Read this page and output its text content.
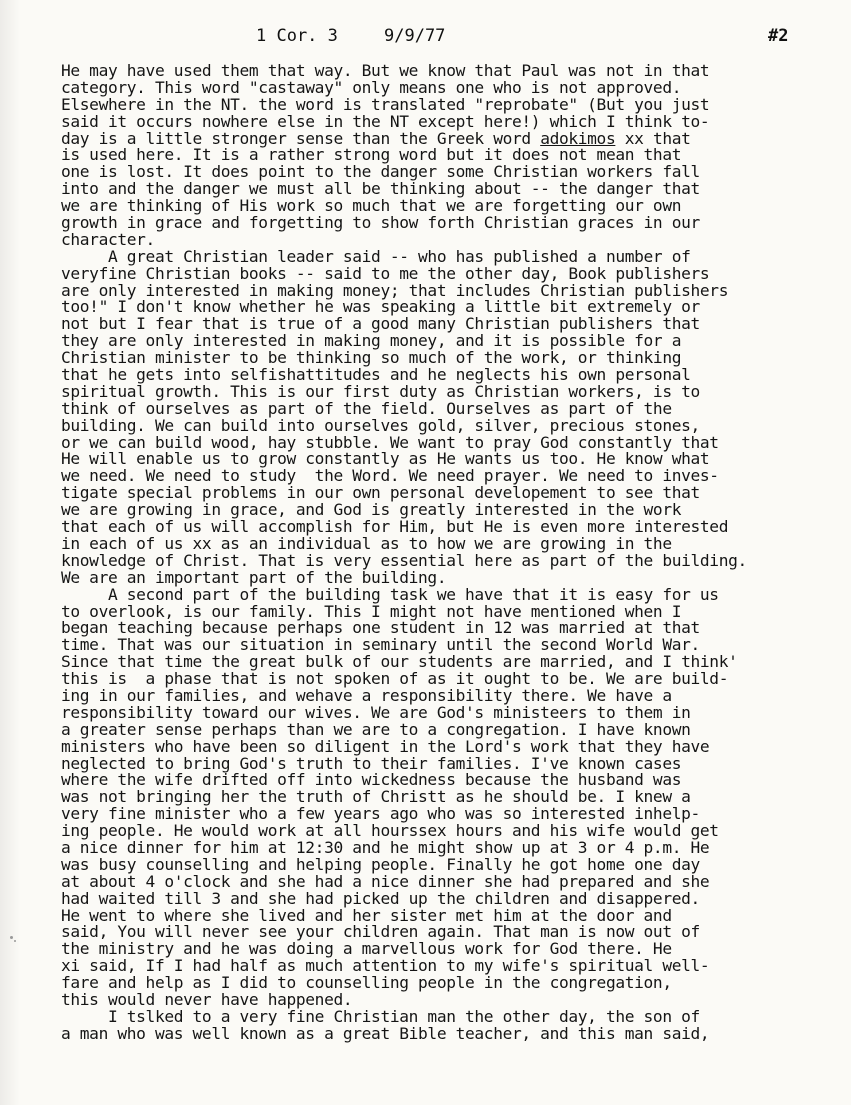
1 Cor. 3	9/9/77	#2
He may have used them that way. But we know that Paul was not in that
category. This word "castaway" only means one who is not approved.
Elsewhere in the NT. the word is translated "reprobate" (But you just
said it occurs nowhere else in the NT except here!) which I think to-
day is a little stronger sense than the Greek word adokimos xx that
is used here. It is a rather strong word but it does not mean that
one is lost. It does point to the danger some Christian workers fall
into and the danger we must all be thinking about -- the danger that
we are thinking of His work so much that we are forgetting our own
growth in grace and forgetting to show forth Christian graces in our
character.
A great Christian leader said -- who has published a number of
veryfine Christian books -- said to me the other day, Book publishers
are only interested in making money; that includes Christian publishers
too!" I don't know whether he was speaking a little bit extremely or
not but I fear that is true of a good many Christian publishers that
they are only interested in making money, and it is possible for a
Christian minister to be thinking so much of the work, or thinking
that he gets into selfishattitudes and he neglects his own personal
spiritual growth. This is our first duty as Christian workers, is to
think of ourselves as part of the field. Ourselves as part of the
building. We can build into ourselves gold, silver, precious stones,
or we can build wood, hay stubble. We want to pray God constantly that
He will enable us to grow constantly as He wants us too. He know what
we need. We need to study  the Word. We need prayer. We need to inves-
tigate special problems in our own personal developement to see that
we are growing in grace, and God is greatly interested in the work
that each of us will accomplish for Him, but He is even more interested
in each of us xx as an individual as to how we are growing in the
knowledge of Christ. That is very essential here as part of the building.
We are an important part of the building.
A second part of the building task we have that it is easy for us
to overlook, is our family. This I might not have mentioned when I
began teaching because perhaps one student in 12 was married at that
time. That was our situation in seminary until the second World War.
Since that time the great bulk of our students are married, and I think'
this is  a phase that is not spoken of as it ought to be. We are build-
ing in our families, and wehave a responsibility there. We have a
responsibility toward our wives. We are God's ministeers to them in
a greater sense perhaps than we are to a congregation. I have known
ministers who have been so diligent in the Lord's work that they have
neglected to bring God's truth to their families. I've known cases
where the wife drifted off into wickedness because the husband was
was not bringing her the truth of Christt as he should be. I knew a
very fine minister who a few years ago who was so interested inhelp-
ing people. He would work at all hourssex hours and his wife would get
a nice dinner for him at 12:30 and he might show up at 3 or 4 p.m. He
was busy counselling and helping people. Finally he got home one day
at about 4 o'clock and she had a nice dinner she had prepared and she
had waited till 3 and she had picked up the children and disappered.
He went to where she lived and her sister met him at the door and
said, You will never see your children again. That man is now out of
the ministry and he was doing a marvellous work for God there. He
xi said, If I had half as much attention to my wife's spiritual well-
fare and help as I did to counselling people in the congregation,
this would never have happened.
I tslked to a very fine Christian man the other day, the son of
a man who was well known as a great Bible teacher, and this man said,
